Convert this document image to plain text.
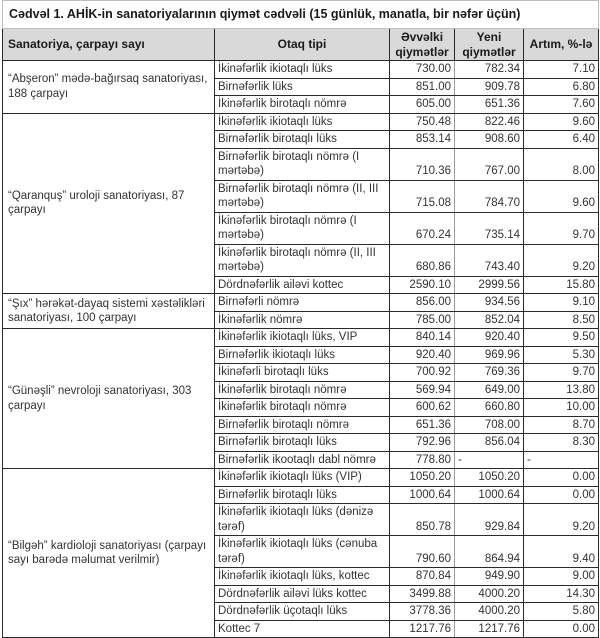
Cədvəl 1. AHİK-in sanatoriyalarının qiymət cədvəli (15 günlük, manatla, bir nəfər üçün)				
Sanatoriya, çarpayı sayı	Otaq tipi	Əvvəlki qiymətlər	Yeni qiymətlər	Artım, %-lə
“Abşeron” mədə-bağırsaq sanatoriyası, 188 çarpayı	İkinəfərlik ikiotaqlı lüks	730.00	782.34	7.10
	Birnəfərlik lüks	851.00	909.78	6.80
	İkinəfərlik birotaqlı nömrə	605.00	651.36	7.60
“Qaranquş” uroloji sanatoriyası, 87 çarpayı	İkinəfərlik ikiotaqlı lüks	750.48	822.46	9.60
	Birnəfərlik birotaqlı lüks	853.14	908.60	6.40
	Birnəfərlik birotaqlı nömrə (I mərtəbə)	710.36	767.00	8.00
	Birnəfərlik birotaqlı nömrə (II, III mərtəbə)	715.08	784.70	9.60
	İkinəfərlik birotaqlı nömrə (I mərtəbə)	670.24	735.14	9.70
	İkinəfərlik birotaqlı nömrə (II, III mərtəbə)	680.86	743.40	9.20
	Dördnəfərlik ailəvi kottec	2590.10	2999.56	15.80
“Şıx” hərəkət-dayaq sistemi xəstəlikləri sanatoriyası, 100 çarpayı	Birnəfərli nömrə	856.00	934.56	9.10
	İkinəfərlik nömrə	785.00	852.04	8.50
“Günəşli” nevroloji sanatoriyası, 303 çarpayı	İkinəfərlik ikiotaqlı lüks, VIP	840.14	920.40	9.50
	Birnəfərlik ikiotaqlı lüks	920.40	969.96	5.30
	İkinəfərli birotaqlı lüks	700.92	769.36	9.70
	İkinəfərlik birotaqlı nömrə	569.94	649.00	13.80
	İkinəfərlik birotaqlı nömrə	600.62	660.80	10.00
	Birnəfərlik birotaqlı nömrə	651.36	708.00	8.70
	Birnəfərlik birotaqlı lüks	792.96	856.04	8.30
	Birnəfərlik ikootaqlı dabl nömrə	778.80	-	-
“Bilgəh” kardioloji sanatoriyası (çarpayı sayı barədə məlumat verilmir)	İkinəfərlik ikiotaqlı lüks (VIP)	1050.20	1050.20	0.00
	Birnəfərlik birotaqlı lüks	1000.64	1000.64	0.00
	İkinəfərlik ikiotaqlı lüks (dənizə tərəf)	850.78	929.84	9.20
	İkinəfərlik ikiotaqlı lüks (cənuba tərəf)	790.60	864.94	9.40
	İkinəfərlik ikiotaqlı lüks, kottec	870.84	949.90	9.00
	Dördnəfərlik ailəvi lüks kottec	3499.88	4000.20	14.30
	Dördnəfərlik üçotaqlı lüks	3778.36	4000.20	5.80
	Kottec 7	1217.76	1217.76	0.00
